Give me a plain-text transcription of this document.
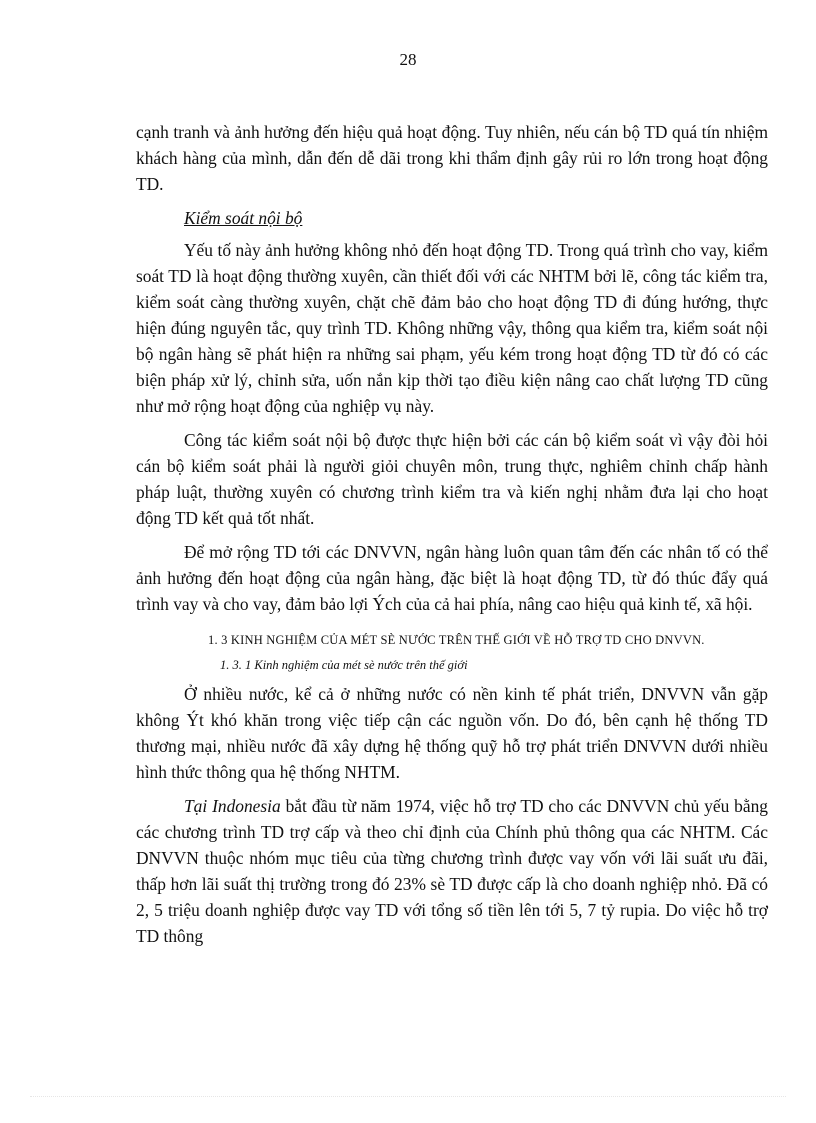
28

cạnh tranh và ảnh hưởng đến hiệu quả hoạt động. Tuy nhiên, nếu cán bộ TD quá tín nhiệm khách hàng của mình, dẫn đến dễ dãi trong khi thẩm định gây rủi ro lớn trong hoạt động TD.

Kiểm soát nội bộ

Yếu tố này ảnh hưởng không nhỏ đến hoạt động TD. Trong quá trình cho vay, kiểm soát TD là hoạt động thường xuyên, cần thiết đối với các NHTM bởi lẽ, công tác kiểm tra, kiểm soát càng thường xuyên, chặt chẽ đảm bảo cho hoạt động TD đi đúng hướng, thực hiện đúng nguyên tắc, quy trình TD. Không những vậy, thông qua kiểm tra, kiểm soát nội bộ ngân hàng sẽ phát hiện ra những sai phạm, yếu kém trong hoạt động TD từ đó có các biện pháp xử lý, chỉnh sửa, uốn nắn kịp thời tạo điều kiện nâng cao chất lượng TD cũng như mở rộng hoạt động của nghiệp vụ này.

Công tác kiểm soát nội bộ được thực hiện bởi các cán bộ kiểm soát vì vậy đòi hỏi cán bộ kiểm soát phải là người giỏi chuyên môn, trung thực, nghiêm chỉnh chấp hành pháp luật, thường xuyên có chương trình kiểm tra và kiến nghị nhằm đưa lại cho hoạt động TD kết quả tốt nhất.

Để mở rộng TD tới các DNVVN, ngân hàng luôn quan tâm đến các nhân tố có thể ảnh hưởng đến hoạt động của ngân hàng, đặc biệt là hoạt động TD, từ đó thúc đẩy quá trình vay và cho vay, đảm bảo lợi Ých của cả hai phía, nâng cao hiệu quả kinh tế, xã hội.

1. 3 KINH NGHIỆM CỦA MÉT SÈ NƯỚC TRÊN THẾ GIỚI VỀ HỖ TRỢ TD CHO DNVVN.
1. 3. 1 Kinh nghiệm của mét sè nước trên thế giới

Ở nhiều nước, kể cả ở những nước có nền kinh tế phát triển, DNVVN vẫn gặp không Ýt khó khăn trong việc tiếp cận các nguồn vốn. Do đó, bên cạnh hệ thống TD thương mại, nhiều nước đã xây dựng hệ thống quỹ hỗ trợ phát triển DNVVN dưới nhiều hình thức thông qua hệ thống NHTM.

Tại Indonesia bắt đầu từ năm 1974, việc hỗ trợ TD cho các DNVVN chủ yếu bằng các chương trình TD trợ cấp và theo chỉ định của Chính phủ thông qua các NHTM. Các DNVVN thuộc nhóm mục tiêu của từng chương trình được vay vốn với lãi suất ưu đãi, thấp hơn lãi suất thị trường trong đó 23% sè TD được cấp là cho doanh nghiệp nhỏ. Đã có 2, 5 triệu doanh nghiệp được vay TD với tổng số tiền lên tới 5, 7 tỷ rupia. Do việc hỗ trợ TD thông
